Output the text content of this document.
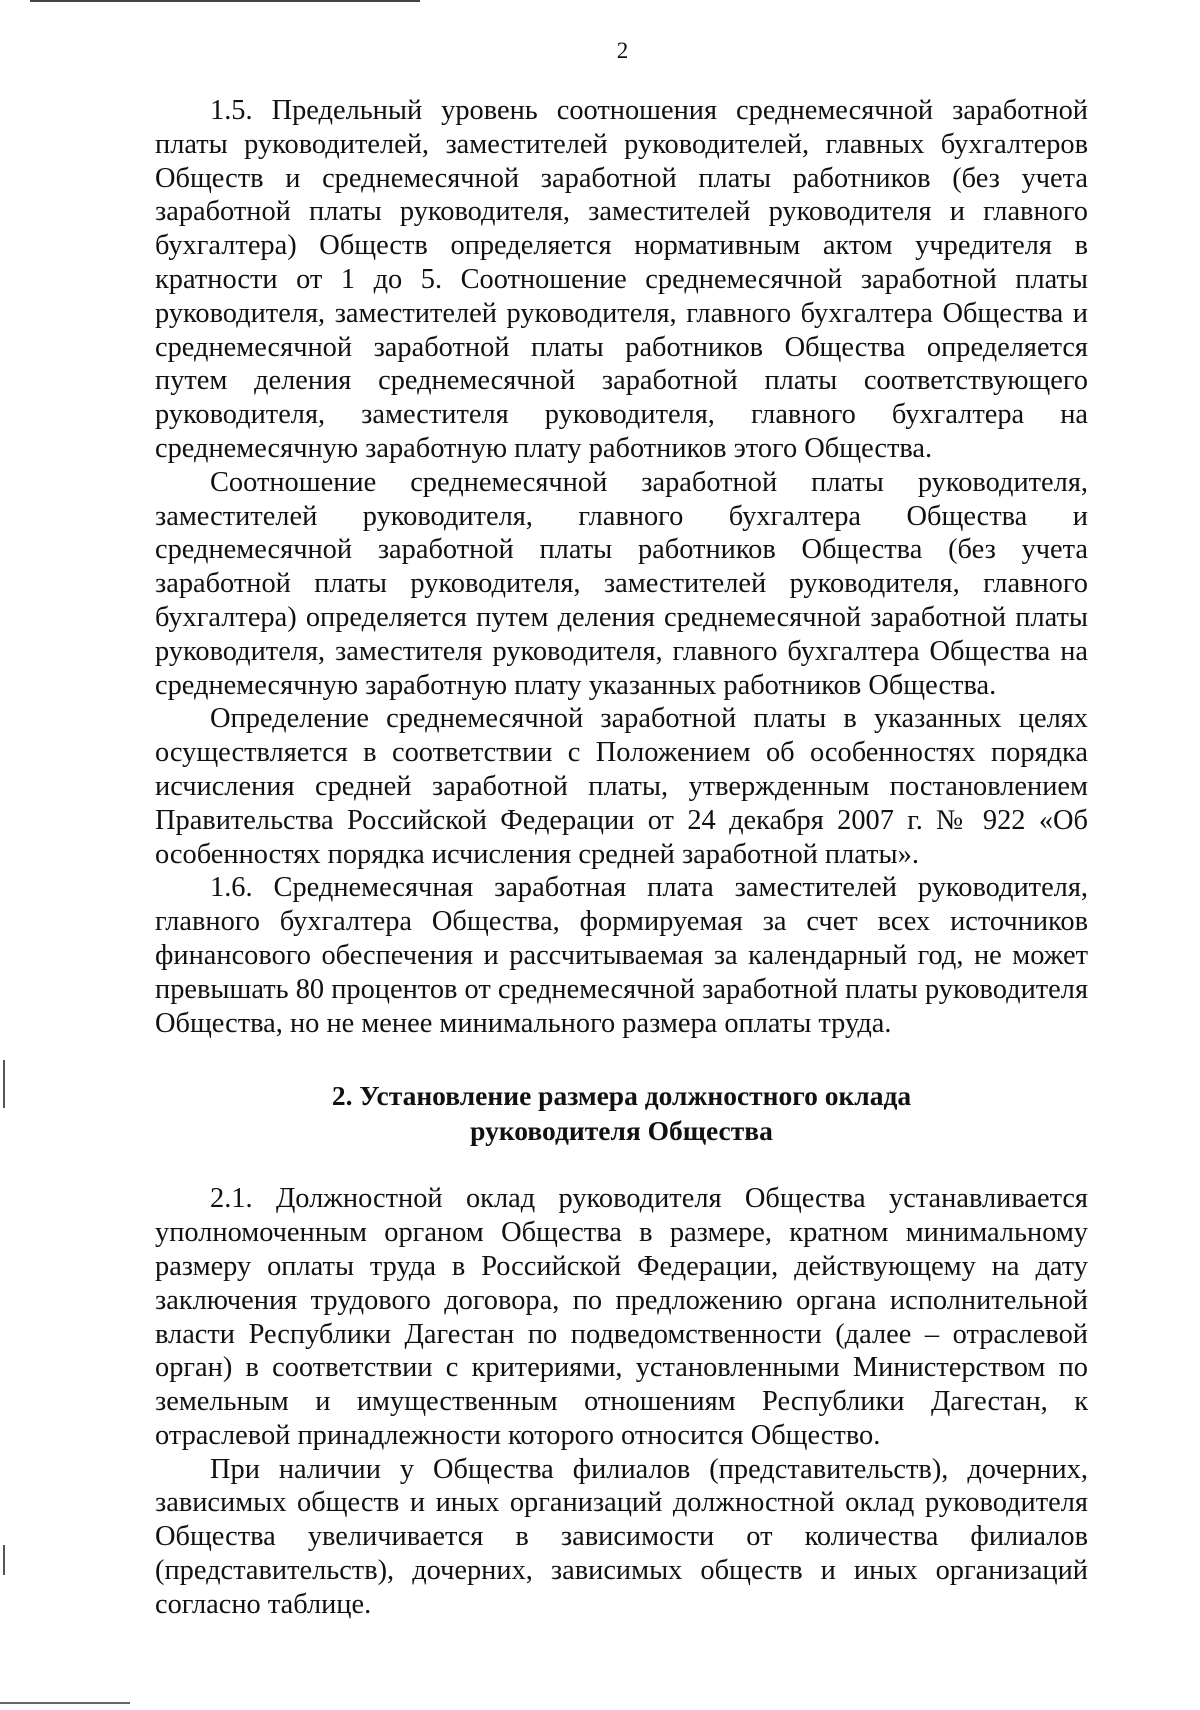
2

1.5. Предельный уровень соотношения среднемесячной заработной платы руководителей, заместителей руководителей, главных бухгалтеров Обществ и среднемесячной заработной платы работников (без учета заработной платы руководителя, заместителей руководителя и главного бухгалтера) Обществ определяется нормативным актом учредителя в кратности от 1 до 5. Соотношение среднемесячной заработной платы руководителя, заместителей руководителя, главного бухгалтера Общества и среднемесячной заработной платы работников Общества определяется путем деления среднемесячной заработной платы соответствующего руководителя, заместителя руководителя, главного бухгалтера на среднемесячную заработную плату работников этого Общества.

Соотношение среднемесячной заработной платы руководителя, заместителей руководителя, главного бухгалтера Общества и среднемесячной заработной платы работников Общества (без учета заработной платы руководителя, заместителей руководителя, главного бухгалтера) определяется путем деления среднемесячной заработной платы руководителя, заместителя руководителя, главного бухгалтера Общества на среднемесячную заработную плату указанных работников Общества.

Определение среднемесячной заработной платы в указанных целях осуществляется в соответствии с Положением об особенностях порядка исчисления средней заработной платы, утвержденным постановлением Правительства Российской Федерации от 24 декабря 2007 г. № 922 «Об особенностях порядка исчисления средней заработной платы».

1.6. Среднемесячная заработная плата заместителей руководителя, главного бухгалтера Общества, формируемая за счет всех источников финансового обеспечения и рассчитываемая за календарный год, не может превышать 80 процентов от среднемесячной заработной платы руководителя Общества, но не менее минимального размера оплаты труда.

2. Установление размера должностного оклада
руководителя Общества

2.1. Должностной оклад руководителя Общества устанавливается уполномоченным органом Общества в размере, кратном минимальному размеру оплаты труда в Российской Федерации, действующему на дату заключения трудового договора, по предложению органа исполнительной власти Республики Дагестан по подведомственности (далее – отраслевой орган) в соответствии с критериями, установленными Министерством по земельным и имущественным отношениям Республики Дагестан, к отраслевой принадлежности которого относится Общество.

При наличии у Общества филиалов (представительств), дочерних, зависимых обществ и иных организаций должностной оклад руководителя Общества увеличивается в зависимости от количества филиалов (представительств), дочерних, зависимых обществ и иных организаций согласно таблице.
